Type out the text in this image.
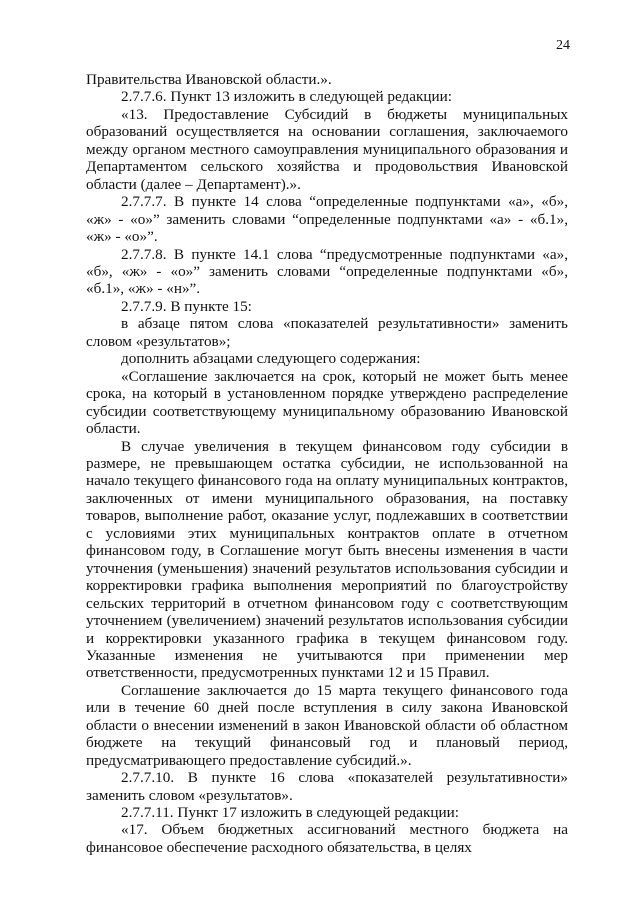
24

Правительства Ивановской области.».

2.7.7.6. Пункт 13 изложить в следующей редакции:

«13. Предоставление Субсидий в бюджеты муниципальных образований осуществляется на основании соглашения, заключаемого между органом местного самоуправления муниципального образования и Департаментом сельского хозяйства и продовольствия Ивановской области (далее – Департамент).».

2.7.7.7. В пункте 14 слова “определенные подпунктами «а», «б», «ж» - «о»” заменить словами “определенные подпунктами «а» - «б.1», «ж» - «о»”.

2.7.7.8. В пункте 14.1 слова “предусмотренные подпунктами «а», «б», «ж» - «о»” заменить словами “определенные подпунктами «б», «б.1», «ж» - «н»”.

2.7.7.9. В пункте 15:

в абзаце пятом слова «показателей результативности» заменить словом «результатов»;

дополнить абзацами следующего содержания:

«Соглашение заключается на срок, который не может быть менее срока, на который в установленном порядке утверждено распределение субсидии соответствующему муниципальному образованию Ивановской области.

В случае увеличения в текущем финансовом году субсидии в размере, не превышающем остатка субсидии, не использованной на начало текущего финансового года на оплату муниципальных контрактов, заключенных от имени муниципального образования, на поставку товаров, выполнение работ, оказание услуг, подлежавших в соответствии с условиями этих муниципальных контрактов оплате в отчетном финансовом году, в Соглашение могут быть внесены изменения в части уточнения (уменьшения) значений результатов использования субсидии и корректировки графика выполнения мероприятий по благоустройству сельских территорий в отчетном финансовом году с соответствующим уточнением (увеличением) значений результатов использования субсидии и корректировки указанного графика в текущем финансовом году. Указанные изменения не учитываются при применении мер ответственности, предусмотренных пунктами 12 и 15 Правил.

Соглашение заключается до 15 марта текущего финансового года или в течение 60 дней после вступления в силу закона Ивановской области о внесении изменений в закон Ивановской области об областном бюджете на текущий финансовый год и плановый период, предусматривающего предоставление субсидий.».

2.7.7.10. В пункте 16 слова «показателей результативности» заменить словом «результатов».

2.7.7.11. Пункт 17 изложить в следующей редакции:

«17. Объем бюджетных ассигнований местного бюджета на финансовое обеспечение расходного обязательства, в целях
